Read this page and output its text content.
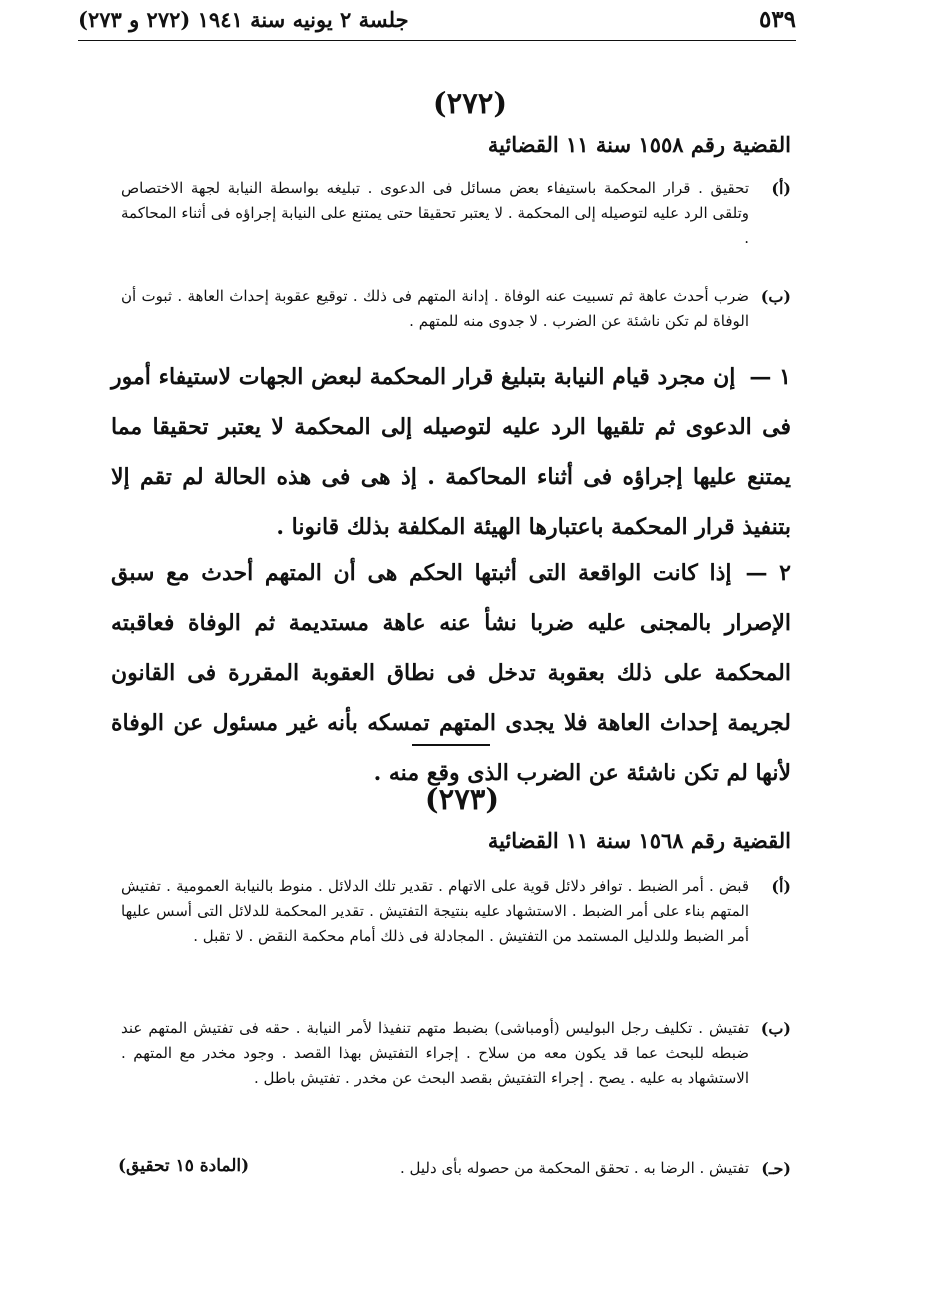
٥٣٩
جلسة ٢ يونيه سنة ١٩٤١ (٢٧٢ و ٢٧٣)
(٢٧٢)
القضية رقم ١٥٥٨ سنة ١١ القضائية
(أ)
تحقيق . قرار المحكمة باستيفاء بعض مسائل فى الدعوى . تبليغه بواسطة النيابة لجهة الاختصاص وتلقى الرد عليه لتوصيله إلى المحكمة . لا يعتبر تحقيقا حتى يمتنع على النيابة إجراؤه فى أثناء المحاكمة .
(ب)
ضرب أحدث عاهة ثم تسبيت عنه الوفاة . إدانة المتهم فى ذلك . توقيع عقوبة إحداث العاهة . ثبوت أن الوفاة لم تكن ناشئة عن الضرب . لا جدوى منه للمتهم .
١ —إن مجرد قيام النيابة بتبليغ قرار المحكمة لبعض الجهات لاستيفاء أمور فى الدعوى ثم تلقيها الرد عليه لتوصيله إلى المحكمة لا يعتبر تحقيقا مما يمتنع عليها إجراؤه فى أثناء المحاكمة . إذ هى فى هذه الحالة لم تقم إلا بتنفيذ قرار المحكمة باعتبارها الهيئة المكلفة بذلك قانونا .
٢ —إذا كانت الواقعة التى أثبتها الحكم هى أن المتهم أحدث مع سبق الإصرار بالمجنى عليه ضربا نشأ عنه عاهة مستديمة ثم الوفاة فعاقبته المحكمة على ذلك بعقوبة تدخل فى نطاق العقوبة المقررة فى القانون لجريمة إحداث العاهة فلا يجدى المتهم تمسكه بأنه غير مسئول عن الوفاة لأنها لم تكن ناشئة عن الضرب الذى وقع منه .
(٢٧٣)
القضية رقم ١٥٦٨ سنة ١١ القضائية
(أ)
قبض . أمر الضبط . توافر دلائل قوية على الاتهام . تقدير تلك الدلائل . منوط بالنيابة العمومية . تفتيش المتهم بناء على أمر الضبط . الاستشهاد عليه بنتيجة التفتيش . تقدير المحكمة للدلائل التى أسس عليها أمر الضبط وللدليل المستمد من التفتيش . المجادلة فى ذلك أمام محكمة النقض . لا تقبل .
(ب)
تفتيش . تكليف رجل البوليس (أومباشى) بضبط متهم تنفيذا لأمر النيابة . حقه فى تفتيش المتهم عند ضبطه للبحث عما قد يكون معه من سلاح . إجراء التفتيش بهذا القصد . وجود مخدر مع المتهم . الاستشهاد به عليه . يصح . إجراء التفتيش بقصد البحث عن مخدر . تفتيش باطل .
(حـ)
تفتيش . الرضا به . تحقق المحكمة من حصوله بأى دليل .
(المادة ١٥ تحقيق)
